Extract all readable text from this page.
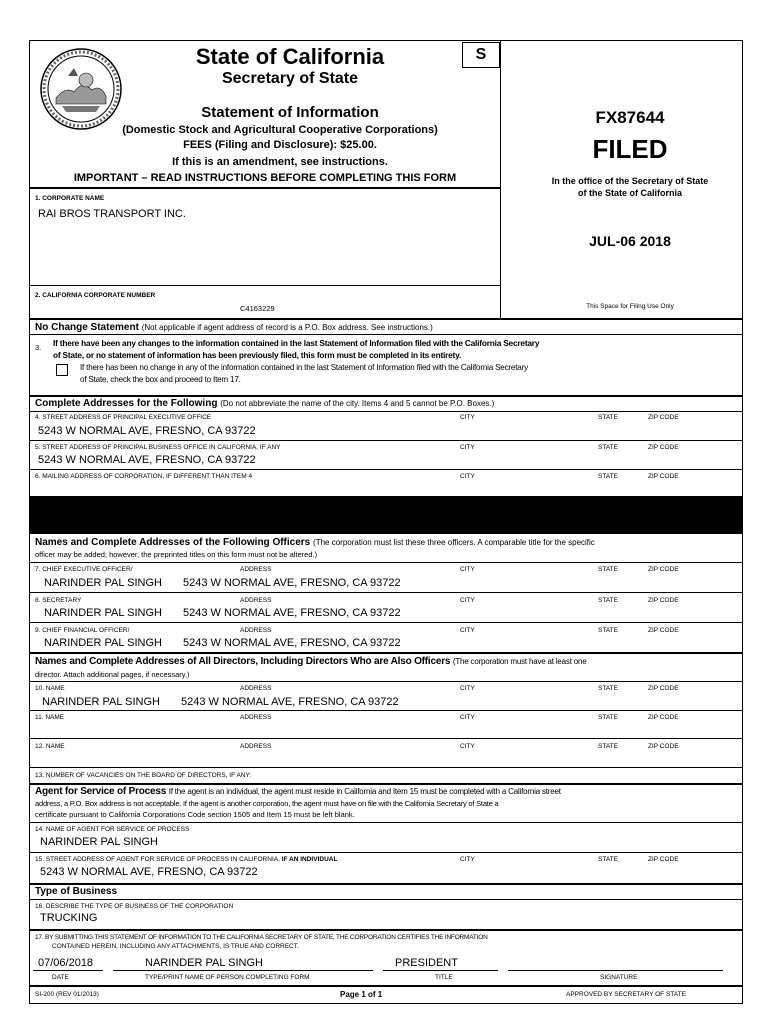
State of California
Secretary of State
S
Statement of Information
(Domestic Stock and Agricultural Cooperative Corporations)
FEES (Filing and Disclosure): $25.00.
If this is an amendment, see instructions.
IMPORTANT – READ INSTRUCTIONS BEFORE COMPLETING THIS FORM
FX87644
FILED
In the office of the Secretary of State
of the State of California
JUL-06 2018
This Space for Filing Use Only
1. CORPORATE NAME
RAI BROS TRANSPORT INC.
2. CALIFORNIA CORPORATE NUMBER
C4163229
No Change Statement (Not applicable if agent address of record is a P.O. Box address. See instructions.)
3. If there have been any changes to the information contained in the last Statement of Information filed with the California Secretary
of State, or no statement of information has been previously filed, this form must be completed in its entirety.
If there has been no change in any of the information contained in the last Statement of Information filed with the California Secretary
of State, check the box and proceed to Item 17.
Complete Addresses for the Following (Do not abbreviate the name of the city. Items 4 and 5 cannot be P.O. Boxes.)
4. STREET ADDRESS OF PRINCIPAL EXECUTIVE OFFICE
5243 W NORMAL AVE, FRESNO, CA 93722
CITY	STATE	ZIP CODE
5. STREET ADDRESS OF PRINCIPAL BUSINESS OFFICE IN CALIFORNIA, IF ANY
5243 W NORMAL AVE, FRESNO, CA 93722
CITY	STATE	ZIP CODE
6. MAILING ADDRESS OF CORPORATION, IF DIFFERENT THAN ITEM 4	CITY	STATE	ZIP CODE
Names and Complete Addresses of the Following Officers (The corporation must list these three officers. A comparable title for the specific
officer may be added; however, the preprinted titles on this form must not be altered.)
7. CHIEF EXECUTIVE OFFICER/	ADDRESS	CITY	STATE	ZIP CODE
NARINDER PAL SINGH 5243 W NORMAL AVE, FRESNO, CA 93722
8. SECRETARY	ADDRESS	CITY	STATE	ZIP CODE
NARINDER PAL SINGH 5243 W NORMAL AVE, FRESNO, CA 93722
9. CHIEF FINANCIAL OFFICER/	ADDRESS	CITY	STATE	ZIP CODE
NARINDER PAL SINGH 5243 W NORMAL AVE, FRESNO, CA 93722
Names and Complete Addresses of All Directors, Including Directors Who are Also Officers (The corporation must have at least one
director. Attach additional pages, if necessary.)
10. NAME	ADDRESS	CITY	STATE	ZIP CODE
NARINDER PAL SINGH 5243 W NORMAL AVE, FRESNO, CA 93722
11. NAME	ADDRESS	CITY	STATE	ZIP CODE
12. NAME	ADDRESS	CITY	STATE	ZIP CODE
13. NUMBER OF VACANCIES ON THE BOARD OF DIRECTORS, IF ANY:
Agent for Service of Process If the agent is an individual, the agent must reside in California and Item 15 must be completed with a California street
address, a P.O. Box address is not acceptable. If the agent is another corporation, the agent must have on file with the California Secretary of State a
certificate pursuant to California Corporations Code section 1505 and Item 15 must be left blank.
14. NAME OF AGENT FOR SERVICE OF PROCESS
NARINDER PAL SINGH
15. STREET ADDRESS OF AGENT FOR SERVICE OF PROCESS IN CALIFORNIA, IF AN INDIVIDUAL	CITY	STATE	ZIP CODE
5243 W NORMAL AVE, FRESNO, CA 93722
Type of Business
16. DESCRIBE THE TYPE OF BUSINESS OF THE CORPORATION
TRUCKING
17. BY SUBMITTING THIS STATEMENT OF INFORMATION TO THE CALIFORNIA SECRETARY OF STATE, THE CORPORATION CERTIFIES THE INFORMATION
CONTAINED HEREIN, INCLUDING ANY ATTACHMENTS, IS TRUE AND CORRECT.
07/06/2018	NARINDER PAL SINGH	PRESIDENT
DATE	TYPE/PRINT NAME OF PERSON COMPLETING FORM	TITLE	SIGNATURE
SI-200 (REV 01/2013)	Page 1 of 1	APPROVED BY SECRETARY OF STATE
